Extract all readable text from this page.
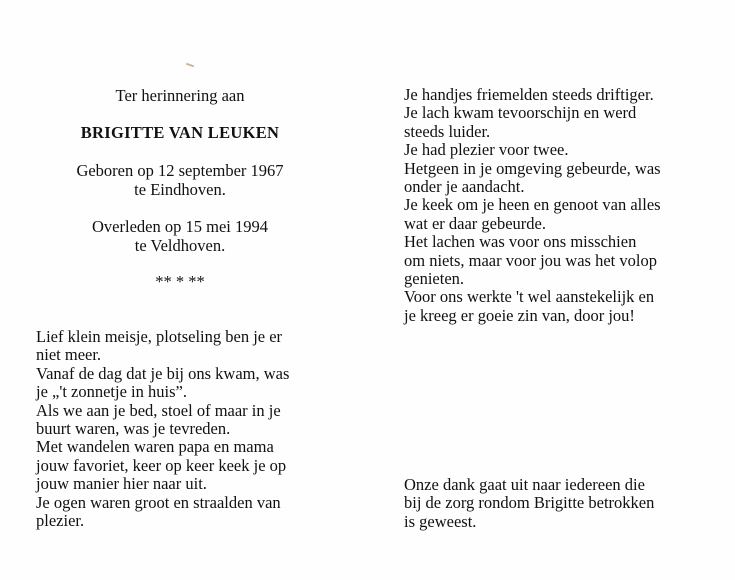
Ter herinnering aan
BRIGITTE VAN LEUKEN
Geboren op 12 september 1967
te Eindhoven.
Overleden op 15 mei 1994
te Veldhoven.
** * **
Lief klein meisje, plotseling ben je er
niet meer.
Vanaf de dag dat je bij ons kwam, was
je „'t zonnetje in huis”.
Als we aan je bed, stoel of maar in je
buurt waren, was je tevreden.
Met wandelen waren papa en mama
jouw favoriet, keer op keer keek je op
jouw manier hier naar uit.
Je ogen waren groot en straalden van
plezier.
Je handjes friemelden steeds driftiger.
Je lach kwam tevoorschijn en werd
steeds luider.
Je had plezier voor twee.
Hetgeen in je omgeving gebeurde, was
onder je aandacht.
Je keek om je heen en genoot van alles
wat er daar gebeurde.
Het lachen was voor ons misschien
om niets, maar voor jou was het volop
genieten.
Voor ons werkte 't wel aanstekelijk en
je kreeg er goeie zin van, door jou!
Onze dank gaat uit naar iedereen die
bij de zorg rondom Brigitte betrokken
is geweest.
